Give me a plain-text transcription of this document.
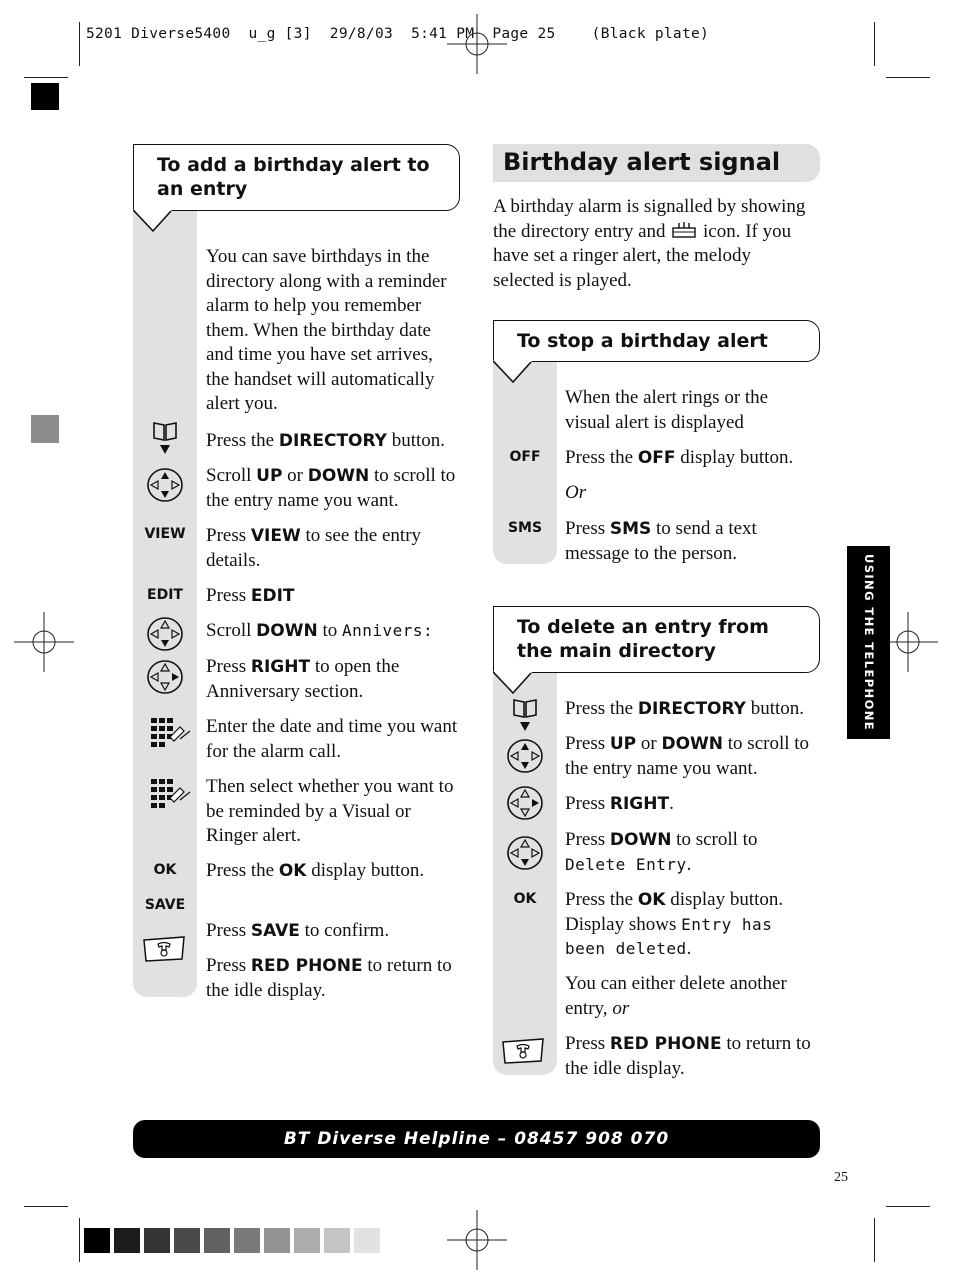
5201 Diverse5400  u_g [3]  29/8/03  5:41 PM  Page 25    (Black plate)
To add a birthday alert to an entry
You can save birthdays in the directory along with a reminder alarm to help you remember them. When the birthday date and time you have set arrives, the handset will automatically alert you.
Press the DIRECTORY button.
Scroll UP or DOWN to scroll to the entry name you want.
VIEW	Press VIEW to see the entry details.
EDIT	Press EDIT
Scroll DOWN to Annivers:
Press RIGHT to open the Anniversary section.
Enter the date and time you want for the alarm call.
Then select whether you want to be reminded by a Visual or Ringer alert.
OK	Press the OK display button.
SAVE
Press SAVE to confirm.
Press RED PHONE to return to the idle display.
Birthday alert signal
A birthday alarm is signalled by showing the directory entry and icon. If you have set a ringer alert, the melody selected is played.
To stop a birthday alert
When the alert rings or the visual alert is displayed
OFF	Press the OFF display button.
Or
SMS	Press SMS to send a text message to the person.
To delete an entry from the main directory
Press the DIRECTORY button.
Press UP or DOWN to scroll to the entry name you want.
Press RIGHT.
Press DOWN to scroll to
Delete Entry.
OK	Press the OK display button. Display shows Entry has been deleted.
You can either delete another entry, or
Press RED PHONE to return to the idle display.
USING THE TELEPHONE
BT Diverse Helpline – 08457 908 070
25
